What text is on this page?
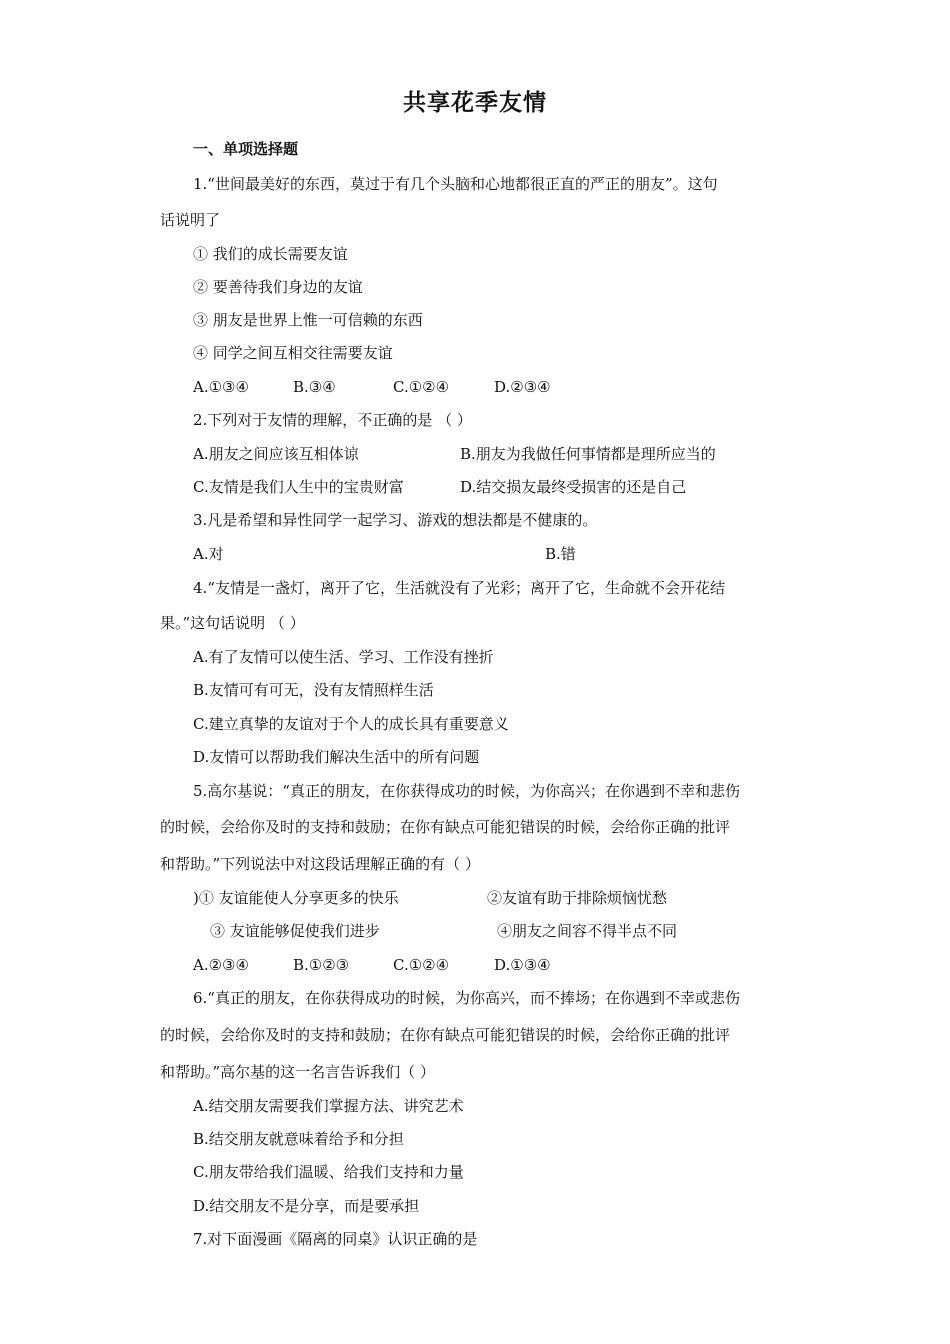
共享花季友情
一、单项选择题
1.“世间最美好的东西，莫过于有几个头脑和心地都很正直的严正的朋友”。这句
话说明了
① 我们的成长需要友谊
② 要善待我们身边的友谊
③ 朋友是世界上惟一可信赖的东西
④ 同学之间互相交往需要友谊
A.①③④	B.③④	C.①②④	D.②③④
2.下列对于友情的理解，不正确的是 （ ）
A.朋友之间应该互相体谅	B.朋友为我做任何事情都是理所应当的
C.友情是我们人生中的宝贵财富	D.结交损友最终受损害的还是自己
3.凡是希望和异性同学一起学习、游戏的想法都是不健康的。
A.对	B.错
4.“友情是一盏灯，离开了它，生活就没有了光彩；离开了它，生命就不会开花结
果。”这句话说明 （ ）
A.有了友情可以使生活、学习、工作没有挫折
B.友情可有可无，没有友情照样生活
C.建立真挚的友谊对于个人的成长具有重要意义
D.友情可以帮助我们解决生活中的所有问题
5.高尔基说：“真正的朋友，在你获得成功的时候，为你高兴；在你遇到不幸和悲伤
的时候，会给你及时的支持和鼓励；在你有缺点可能犯错误的时候，会给你正确的批评
和帮助。”下列说法中对这段话理解正确的有（ ）
)① 友谊能使人分享更多的快乐	②友谊有助于排除烦恼忧愁
③ 友谊能够促使我们进步	④朋友之间容不得半点不同
A.②③④	B.①②③	C.①②④	D.①③④
6.“真正的朋友，在你获得成功的时候，为你高兴，而不捧场；在你遇到不幸或悲伤
的时候，会给你及时的支持和鼓励；在你有缺点可能犯错误的时候，会给你正确的批评
和帮助。”高尔基的这一名言告诉我们（ ）
A.结交朋友需要我们掌握方法、讲究艺术
B.结交朋友就意味着给予和分担
C.朋友带给我们温暖、给我们支持和力量
D.结交朋友不是分享，而是要承担
7.对下面漫画《隔离的同桌》认识正确的是
